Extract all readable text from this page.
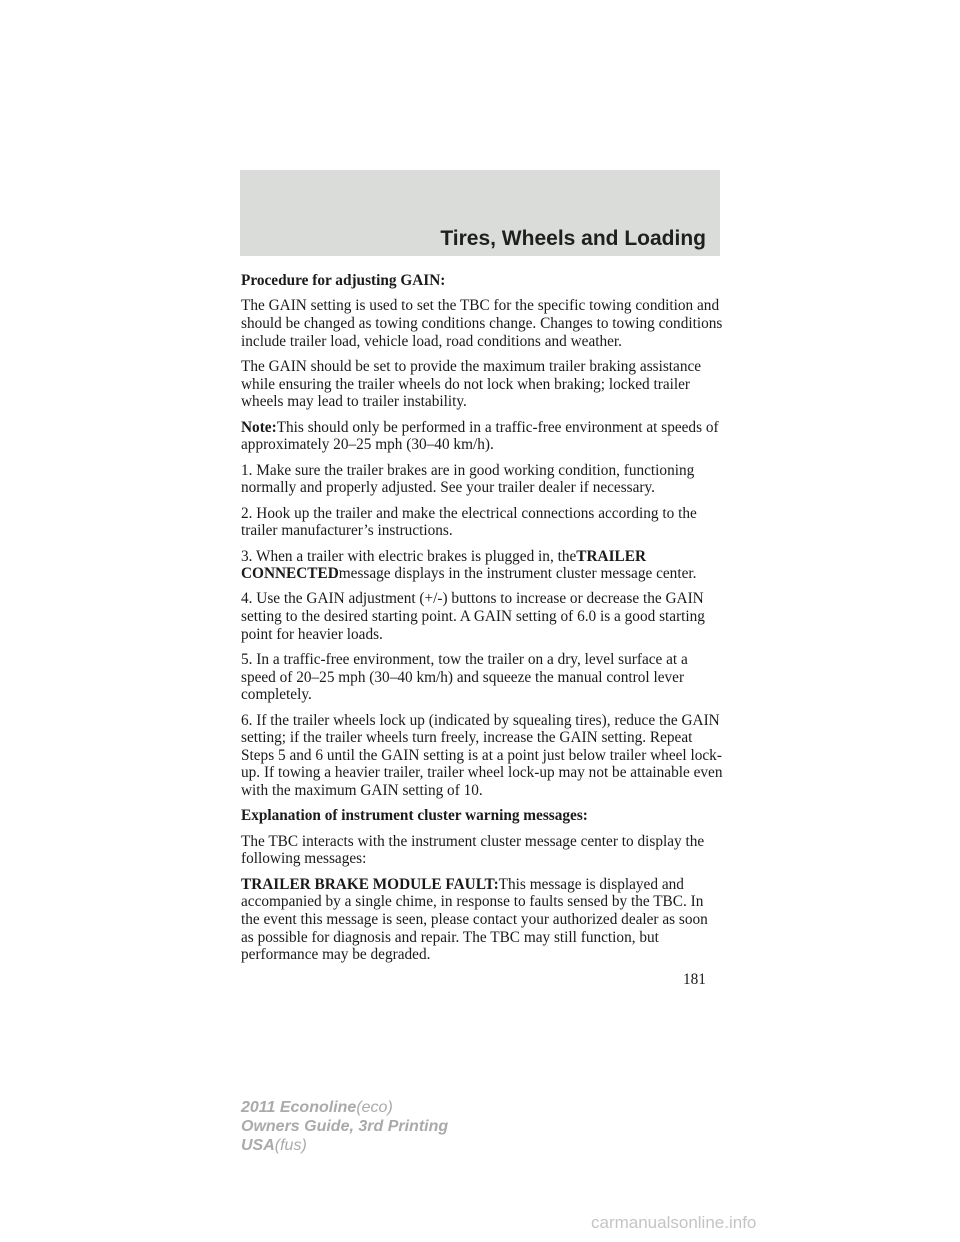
Tires, Wheels and Loading

Procedure for adjusting GAIN:

The GAIN setting is used to set the TBC for the specific towing condition and should be changed as towing conditions change. Changes to towing conditions include trailer load, vehicle load, road conditions and weather.

The GAIN should be set to provide the maximum trailer braking assistance while ensuring the trailer wheels do not lock when braking; locked trailer wheels may lead to trailer instability.

Note:This should only be performed in a traffic-free environment at speeds of approximately 20–25 mph (30–40 km/h).

1. Make sure the trailer brakes are in good working condition, functioning normally and properly adjusted. See your trailer dealer if necessary.

2. Hook up the trailer and make the electrical connections according to the trailer manufacturer’s instructions.

3. When a trailer with electric brakes is plugged in, theTRAILER CONNECTEDmessage displays in the instrument cluster message center.

4. Use the GAIN adjustment (+/-) buttons to increase or decrease the GAIN setting to the desired starting point. A GAIN setting of 6.0 is a good starting point for heavier loads.

5. In a traffic-free environment, tow the trailer on a dry, level surface at a speed of 20–25 mph (30–40 km/h) and squeeze the manual control lever completely.

6. If the trailer wheels lock up (indicated by squealing tires), reduce the GAIN setting; if the trailer wheels turn freely, increase the GAIN setting. Repeat Steps 5 and 6 until the GAIN setting is at a point just below trailer wheel lock-up. If towing a heavier trailer, trailer wheel lock-up may not be attainable even with the maximum GAIN setting of 10.

Explanation of instrument cluster warning messages:

The TBC interacts with the instrument cluster message center to display the following messages:

TRAILER BRAKE MODULE FAULT:This message is displayed and accompanied by a single chime, in response to faults sensed by the TBC. In the event this message is seen, please contact your authorized dealer as soon as possible for diagnosis and repair. The TBC may still function, but performance may be degraded.

181
2011 Econoline(eco)
Owners Guide, 3rd Printing
USA(fus)
carmanualsonline.info
